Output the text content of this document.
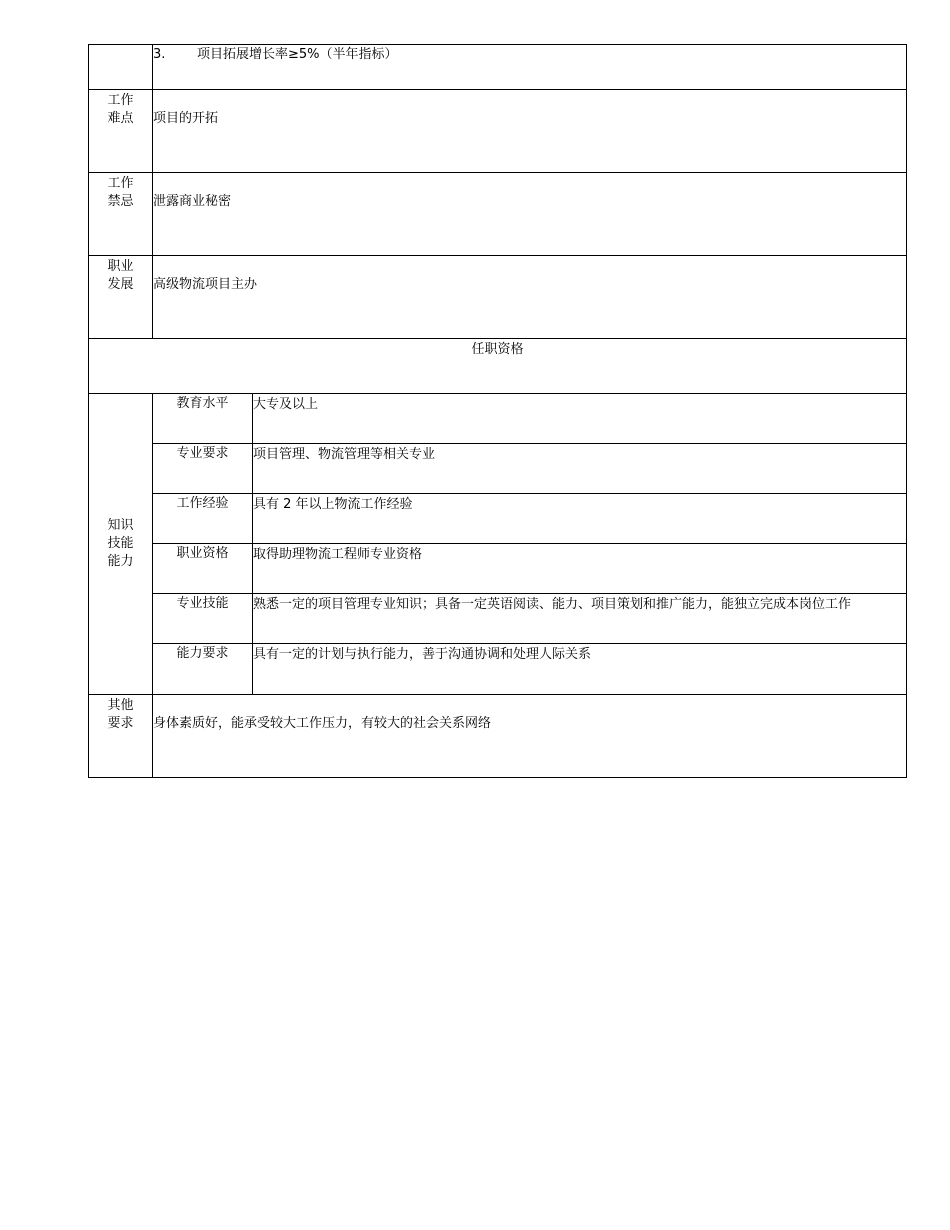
	3. 项目拓展增长率≥5%（半年指标）	

工作
难点	项目的开拓	

工作
禁忌	泄露商业秘密	

职业
发展	高级物流项目主办	
任职资格		

知识
技能
能力	教育水平	大专及以上
	专业要求	项目管理、物流管理等相关专业
	工作经验	具有 2 年以上物流工作经验
	职业资格	取得助理物流工程师专业资格
	专业技能	熟悉一定的项目管理专业知识；具备一定英语阅读、能力、项目策划和推广能力，能独立完成本岗位工作
	能力要求	具有一定的计划与执行能力，善于沟通协调和处理人际关系

其他
要求	身体素质好，能承受较大工作压力，有较大的社会关系网络	
